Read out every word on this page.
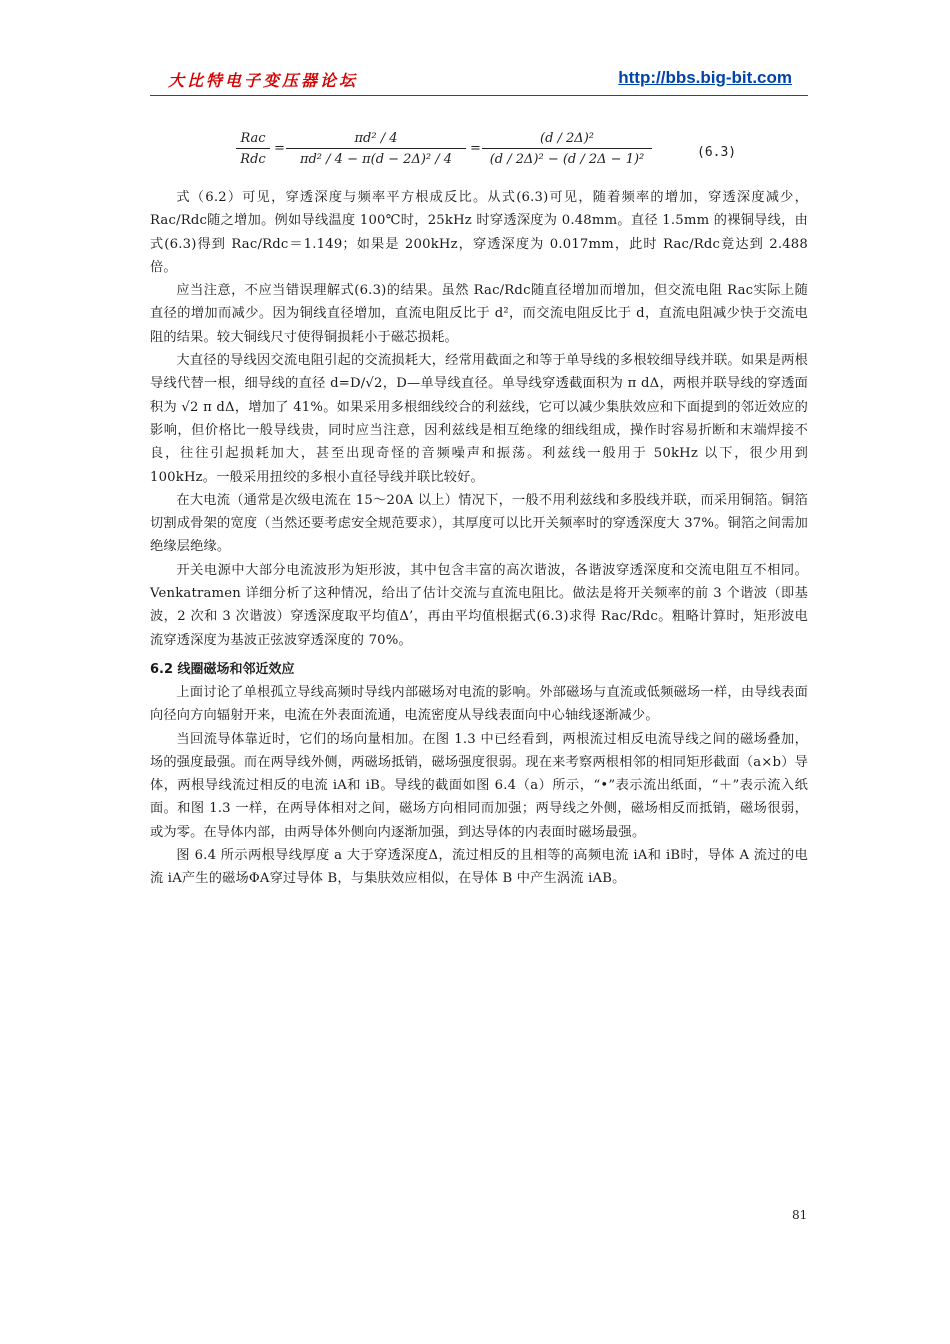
大比特电子变压器论坛	http://bbs.big-bit.com
Rac
Rdc
= $\frac{\text{πd² / 4}}{\text{πd² / 4 − π(d − 2Δ)² / 4}} = \frac{\text{(d / 2Δ)²}}{\text{(d / 2Δ)² − (d / 2Δ − 1)²}}$	(6.3)

式（6.2）可见，穿透深度与频率平方根成反比。从式(6.3)可见，随着频率的增加，穿透深度减少，Rac/Rdc随之增加。例如导线温度 100℃时，25kHz 时穿透深度为 0.48mm。直径 1.5mm 的裸铜导线，由式(6.3)得到 Rac/Rdc＝1.149；如果是 200kHz，穿透深度为 0.017mm，此时 Rac/Rdc竟达到 2.488 倍。

应当注意，不应当错误理解式(6.3)的结果。虽然 Rac/Rdc随直径增加而增加，但交流电阻 Rac实际上随直径的增加而减少。因为铜线直径增加，直流电阻反比于 d²，而交流电阻反比于 d，直流电阻减少快于交流电阻的结果。较大铜线尺寸使得铜损耗小于磁芯损耗。

大直径的导线因交流电阻引起的交流损耗大，经常用截面之和等于单导线的多根较细导线并联。如果是两根导线代替一根，细导线的直径 d=D/√2，D—单导线直径。单导线穿透截面积为 π dΔ，两根并联导线的穿透面积为 √2 π dΔ，增加了 41%。如果采用多根细线绞合的利兹线，它可以减少集肤效应和下面提到的邻近效应的影响，但价格比一般导线贵，同时应当注意，因利兹线是相互绝缘的细线组成，操作时容易折断和末端焊接不良，往往引起损耗加大，甚至出现奇怪的音频噪声和振荡。利兹线一般用于 50kHz 以下，很少用到 100kHz。一般采用扭绞的多根小直径导线并联比较好。

在大电流（通常是次级电流在 15～20A 以上）情况下，一般不用利兹线和多股线并联，而采用铜箔。铜箔切割成骨架的宽度（当然还要考虑安全规范要求），其厚度可以比开关频率时的穿透深度大 37%。铜箔之间需加绝缘层绝缘。

开关电源中大部分电流波形为矩形波，其中包含丰富的高次谐波，各谐波穿透深度和交流电阻互不相同。Venkatramen 详细分析了这种情况，给出了估计交流与直流电阻比。做法是将开关频率的前 3 个谐波（即基波，2 次和 3 次谐波）穿透深度取平均值Δ’，再由平均值根据式(6.3)求得 Rac/Rdc。粗略计算时，矩形波电流穿透深度为基波正弦波穿透深度的 70%。

6.2 线圈磁场和邻近效应

上面讨论了单根孤立导线高频时导线内部磁场对电流的影响。外部磁场与直流或低频磁场一样，由导线表面向径向方向辐射开来，电流在外表面流通，电流密度从导线表面向中心轴线逐渐减少。

当回流导体靠近时，它们的场向量相加。在图 1.3 中已经看到，两根流过相反电流导线之间的磁场叠加，场的强度最强。而在两导线外侧，两磁场抵销，磁场强度很弱。现在来考察两根相邻的相同矩形截面（a×b）导体，两根导线流过相反的电流 iA和 iB。导线的截面如图 6.4（a）所示，“•”表示流出纸面，“＋”表示流入纸面。和图 1.3 一样，在两导体相对之间，磁场方向相同而加强；两导线之外侧，磁场相反而抵销，磁场很弱，或为零。在导体内部，由两导体外侧向内逐渐加强，到达导体的内表面时磁场最强。

图 6.4 所示两根导线厚度 a 大于穿透深度Δ，流过相反的且相等的高频电流 iA和 iB时，导体 A 流过的电流 iA产生的磁场ΦA穿过导体 B，与集肤效应相似，在导体 B 中产生涡流 iAB。

81
